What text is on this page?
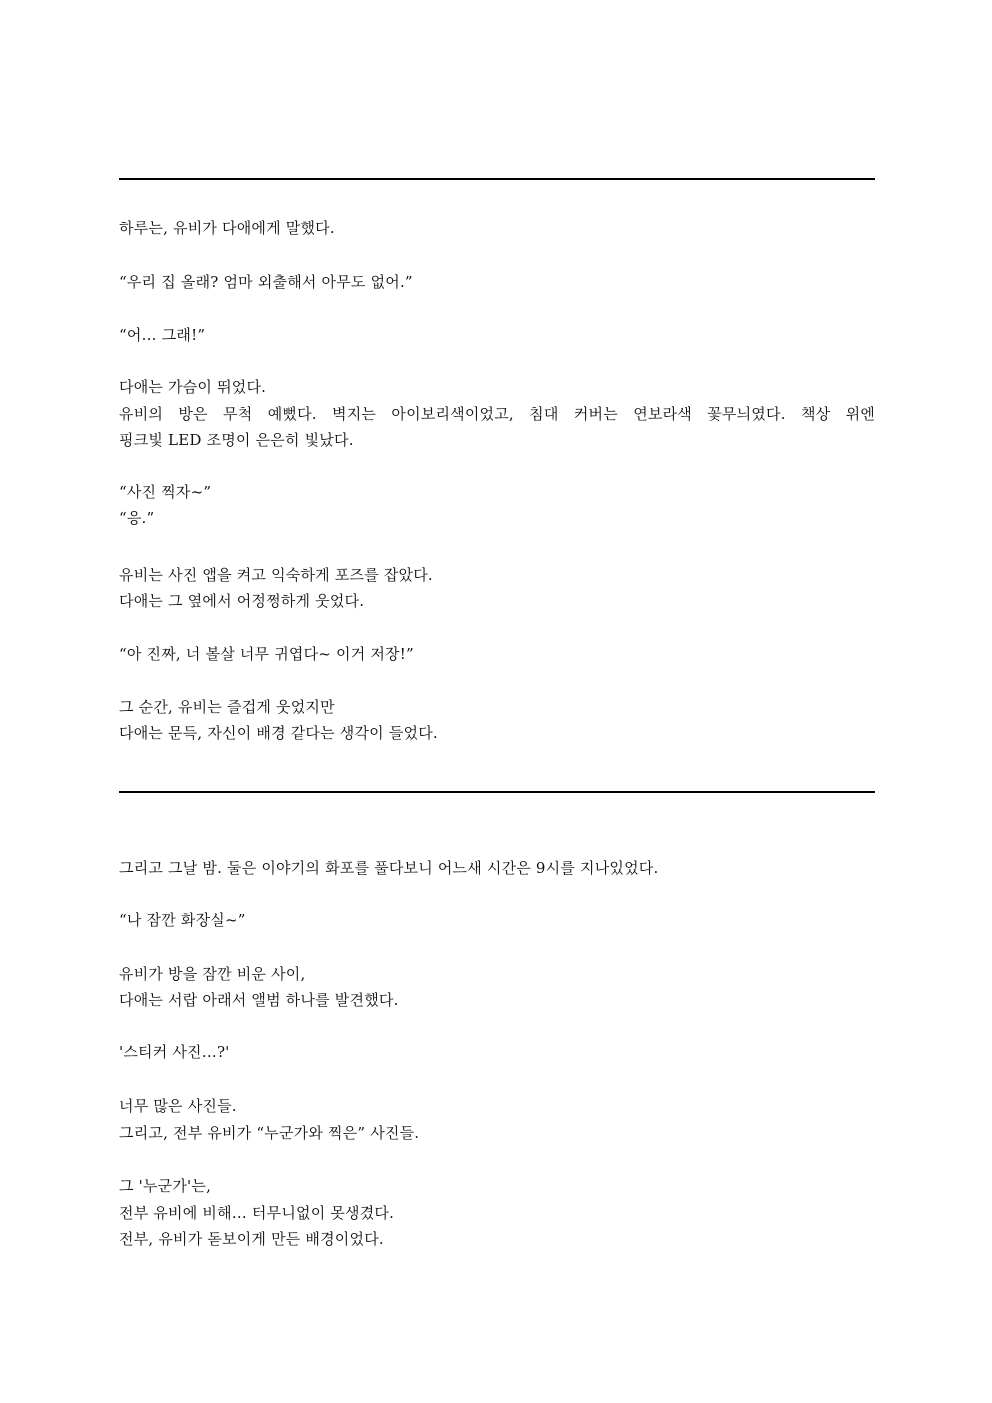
하루는, 유비가 다애에게 말했다.
“우리 집 올래? 엄마 외출해서 아무도 없어.”
“어… 그래!”
다애는 가슴이 뛰었다.
유비의 방은 무척 예뻤다. 벽지는 아이보리색이었고, 침대 커버는 연보라색 꽃무늬였다. 책상 위엔
핑크빛 LED 조명이 은은히 빛났다.
“사진 찍자~”
“응.”
유비는 사진 앱을 켜고 익숙하게 포즈를 잡았다.
다애는 그 옆에서 어정쩡하게 웃었다.
“아 진짜, 너 볼살 너무 귀엽다~ 이거 저장!”
그 순간, 유비는 즐겁게 웃었지만
다애는 문득, 자신이 배경 같다는 생각이 들었다.
그리고 그날 밤. 둘은 이야기의 화포를 풀다보니 어느새 시간은 9시를 지나있었다.
“나 잠깐 화장실~”
유비가 방을 잠깐 비운 사이,
다애는 서랍 아래서 앨범 하나를 발견했다.
'스티커 사진…?'
너무 많은 사진들.
그리고, 전부 유비가 “누군가와 찍은” 사진들.
그 '누군가'는,
전부 유비에 비해… 터무니없이 못생겼다.
전부, 유비가 돋보이게 만든 배경이었다.
